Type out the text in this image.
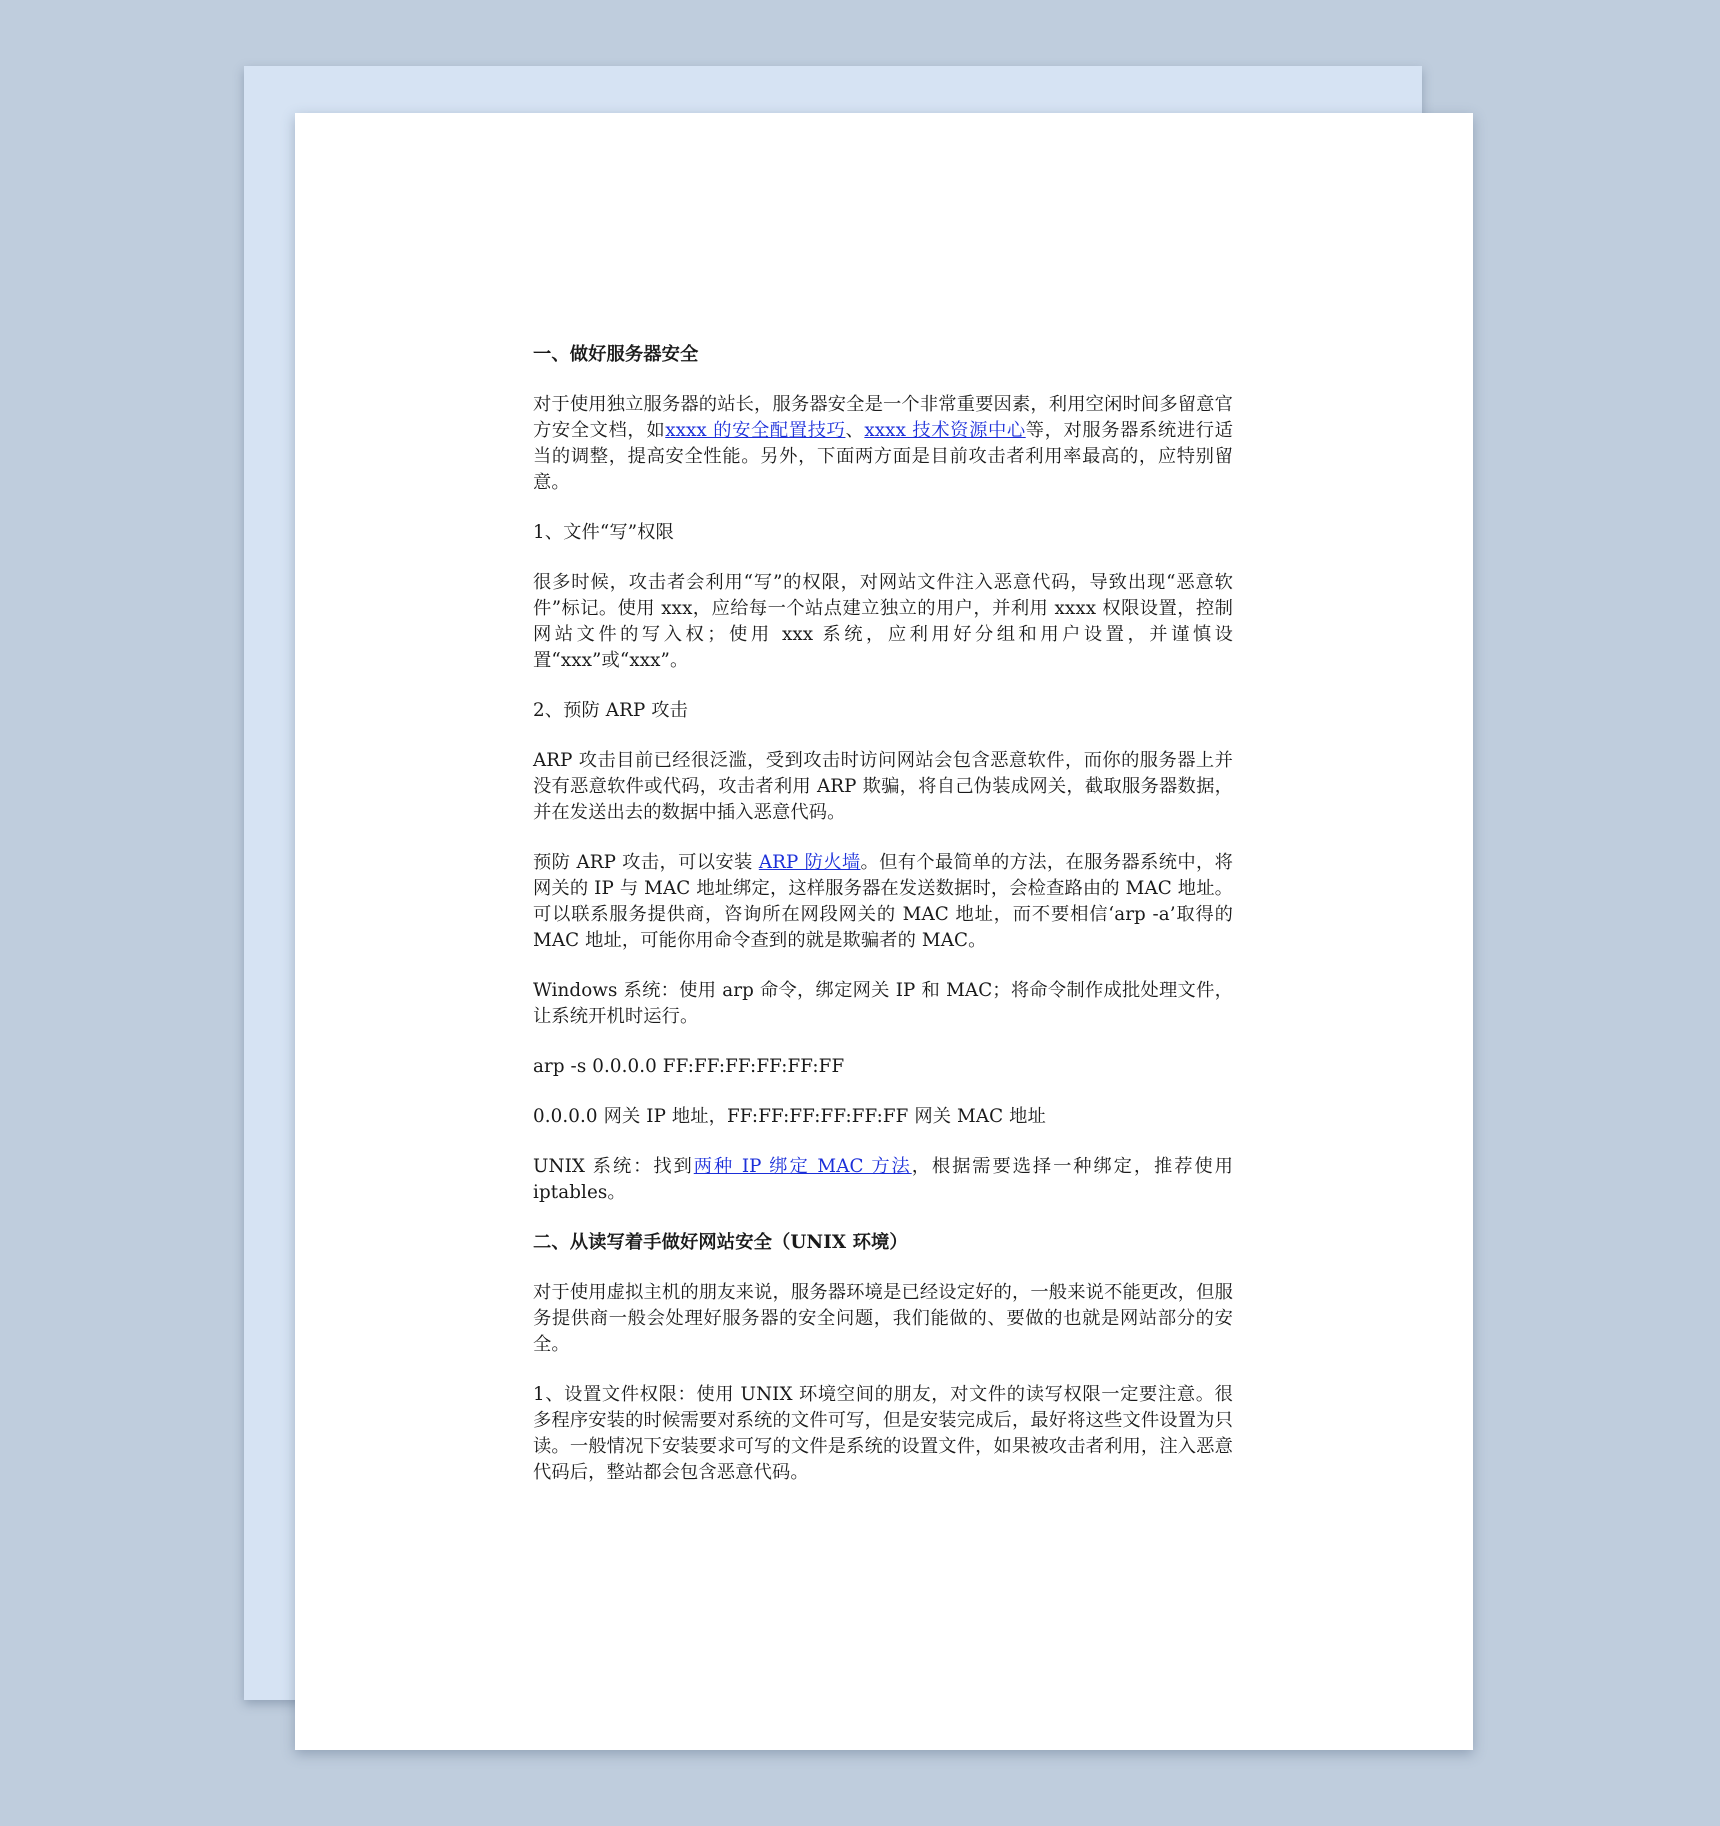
一、做好服务器安全

对于使用独立服务器的站长，服务器安全是一个非常重要因素，利用空闲时间多留意官方安全文档，如xxxx 的安全配置技巧、xxxx 技术资源中心等，对服务器系统进行适当的调整，提高安全性能。另外，下面两方面是目前攻击者利用率最高的，应特别留意。

1、文件“写”权限

很多时候，攻击者会利用“写”的权限，对网站文件注入恶意代码，导致出现“恶意软件”标记。使用 xxx，应给每一个站点建立独立的用户，并利用 xxxx 权限设置，控制网站文件的写入权；使用 xxx 系统，应利用好分组和用户设置，并谨慎设置“xxx”或“xxx”。

2、预防 ARP 攻击

ARP 攻击目前已经很泛滥，受到攻击时访问网站会包含恶意软件，而你的服务器上并没有恶意软件或代码，攻击者利用 ARP 欺骗，将自己伪装成网关，截取服务器数据，并在发送出去的数据中插入恶意代码。

预防 ARP 攻击，可以安装 ARP 防火墙。但有个最简单的方法，在服务器系统中，将网关的 IP 与 MAC 地址绑定，这样服务器在发送数据时，会检查路由的 MAC 地址。可以联系服务提供商，咨询所在网段网关的 MAC 地址，而不要相信‘arp -a’取得的 MAC 地址，可能你用命令查到的就是欺骗者的 MAC。

Windows 系统：使用 arp 命令，绑定网关 IP 和 MAC；将命令制作成批处理文件，让系统开机时运行。

arp -s 0.0.0.0 FF:FF:FF:FF:FF:FF

0.0.0.0 网关 IP 地址，FF:FF:FF:FF:FF:FF 网关 MAC 地址

UNIX 系统：找到两种 IP 绑定 MAC 方法，根据需要选择一种绑定，推荐使用 iptables。

二、从读写着手做好网站安全（UNIX 环境）

对于使用虚拟主机的朋友来说，服务器环境是已经设定好的，一般来说不能更改，但服务提供商一般会处理好服务器的安全问题，我们能做的、要做的也就是网站部分的安全。

1、设置文件权限：使用 UNIX 环境空间的朋友，对文件的读写权限一定要注意。很多程序安装的时候需要对系统的文件可写，但是安装完成后，最好将这些文件设置为只读。一般情况下安装要求可写的文件是系统的设置文件，如果被攻击者利用，注入恶意代码后，整站都会包含恶意代码。
